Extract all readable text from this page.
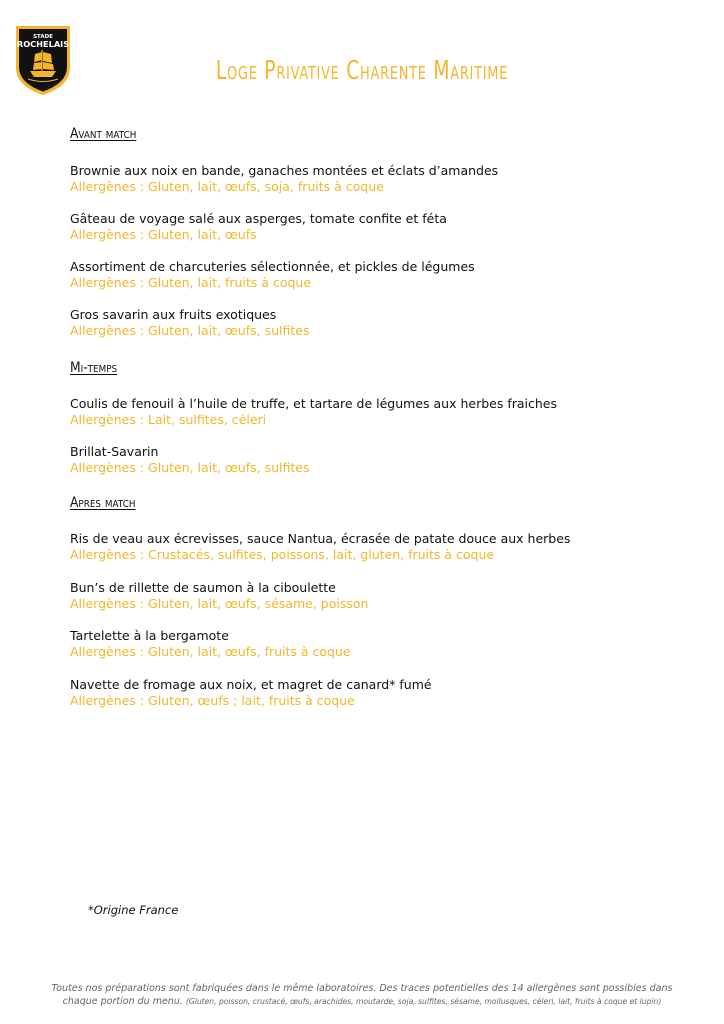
STADE
ROCHELAIS
Loge Privative Charente Maritime
Avant match
Brownie aux noix en bande, ganaches montées et éclats d’amandes
Allergènes : Gluten, lait, œufs, soja, fruits à coque
Gâteau de voyage salé aux asperges, tomate confite et féta
Allergènes : Gluten, lait, œufs
Assortiment de charcuteries sélectionnée, et pickles de légumes
Allergènes : Gluten, lait, fruits à coque
Gros savarin aux fruits exotiques
Allergènes : Gluten, lait, œufs, sulfites
Mi-temps
Coulis de fenouil à l’huile de truffe, et tartare de légumes aux herbes fraiches
Allergènes : Lait, sulfites, céleri
Brillat-Savarin
Allergènes : Gluten, lait, œufs, sulfites
Apres match
Ris de veau aux écrevisses, sauce Nantua, écrasée de patate douce aux herbes
Allergènes : Crustacés, sulfites, poissons, lait, gluten, fruits à coque
Bun’s de rillette de saumon à la ciboulette
Allergènes : Gluten, lait, œufs, sésame, poisson
Tartelette à la bergamote
Allergènes : Gluten, lait, œufs, fruits à coque
Navette de fromage aux noix, et magret de canard* fumé
Allergènes : Gluten, œufs ; lait, fruits à coque
*Origine France
Toutes nos préparations sont fabriquées dans le même laboratoires. Des traces potentielles des 14 allergènes sont possibles dans
chaque portion du menu. (Gluten, poisson, crustacé, œufs, arachides, moutarde, soja, sulfites, sésame, mollusques, céleri, lait, fruits à coque et lupin)
